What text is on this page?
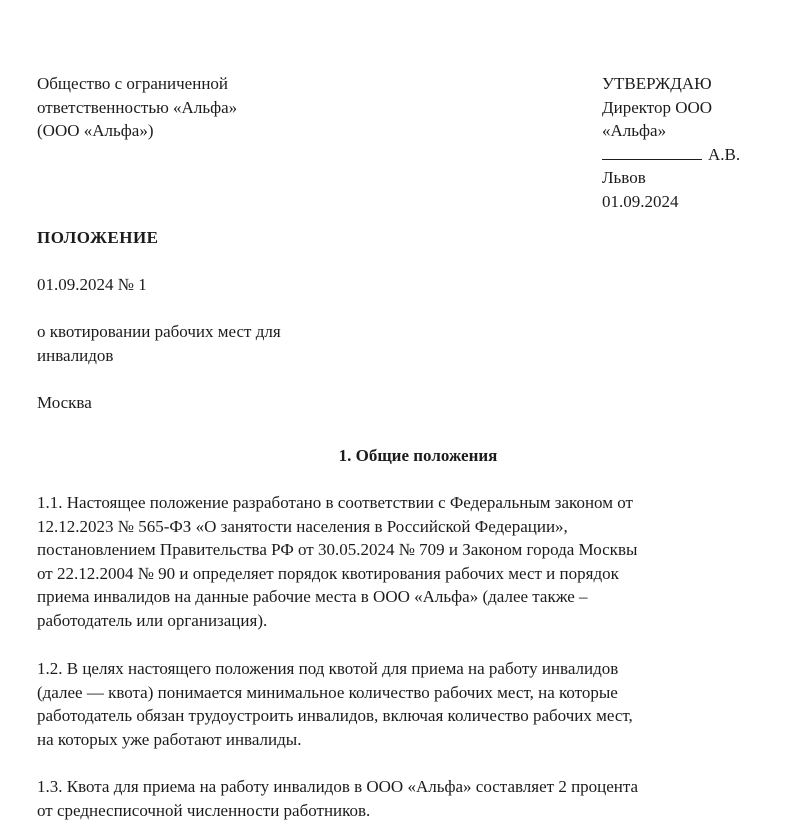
Общество с ограниченной
ответственностью «Альфа»
(ООО «Альфа»)
УТВЕРЖДАЮ
Директор ООО
«Альфа»
А.В.
Львов
01.09.2024
ПОЛОЖЕНИЕ
01.09.2024 № 1
о квотировании рабочих мест для
инвалидов
Москва
1. Общие положения
1.1. Настоящее положение разработано в соответствии с Федеральным законом от
12.12.2023 № 565-ФЗ «О занятости населения в Российской Федерации»,
постановлением Правительства РФ от 30.05.2024 № 709 и Законом города Москвы
от 22.12.2004 № 90 и определяет порядок квотирования рабочих мест и порядок
приема инвалидов на данные рабочие места в ООО «Альфа» (далее также –
работодатель или организация).
1.2. В целях настоящего положения под квотой для приема на работу инвалидов
(далее — квота) понимается минимальное количество рабочих мест, на которые
работодатель обязан трудоустроить инвалидов, включая количество рабочих мест,
на которых уже работают инвалиды.
1.3. Квота для приема на работу инвалидов в ООО «Альфа» составляет 2 процента
от среднесписочной численности работников.
